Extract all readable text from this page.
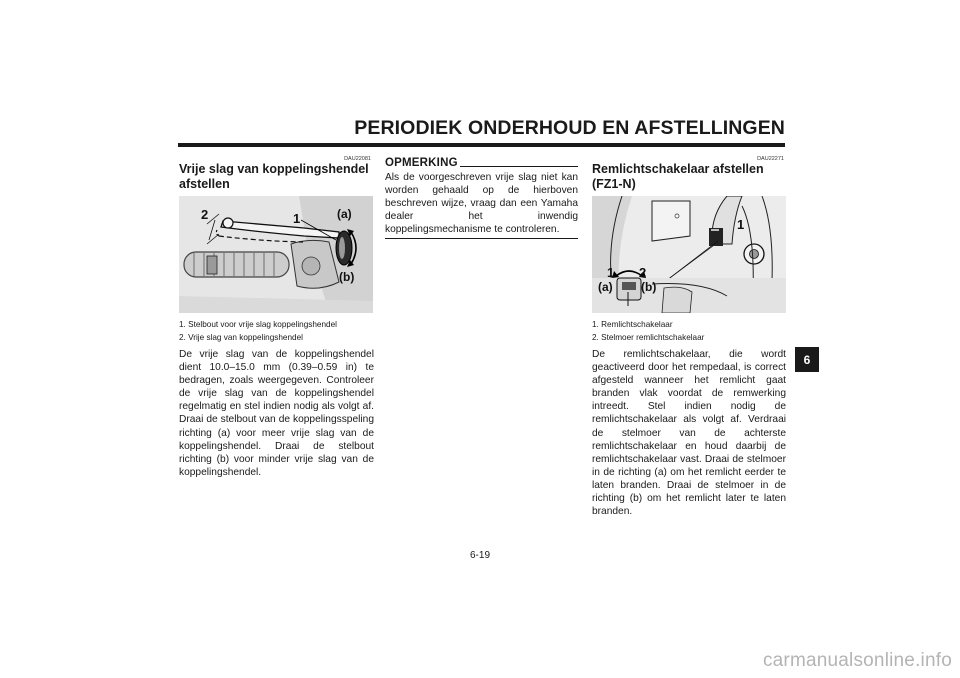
PERIODIEK ONDERHOUD EN AFSTELLINGEN
DAU22081
Vrije slag van koppelingshendel afstellen
2	1	(a)
(b)
1. Stelbout voor vrije slag koppelingshendel
2. Vrije slag van koppelingshendel
De vrije slag van de koppelingshendel dient 10.0–15.0 mm (0.39–0.59 in) te bedragen, zoals weergegeven. Controleer de vrije slag van de koppelingshendel regelmatig en stel indien nodig als volgt af. Draai de stelbout van de koppelingsspeling richting (a) voor meer vrije slag van de koppelingshendel. Draai de stelbout richting (b) voor minder vrije slag van de koppelingshendel.
OPMERKING
Als de voorgeschreven vrije slag niet kan worden gehaald op de hierboven beschreven wijze, vraag dan een Yamaha dealer het inwendig koppelingsmechanisme te controleren.
DAU22271
Remlichtschakelaar afstellen
(FZ1-N)
1
1 2
(a) (b)
1. Remlichtschakelaar
2. Stelmoer remlichtschakelaar
De remlichtschakelaar, die wordt geactiveerd door het rempedaal, is correct afgesteld wanneer het remlicht gaat branden vlak voordat de remwerking intreedt. Stel indien nodig de remlichtschakelaar als volgt af. Verdraai de stelmoer van de achterste remlichtschakelaar en houd daarbij de remlichtschakelaar vast. Draai de stelmoer in de richting (a) om het remlicht eerder te laten branden. Draai de stelmoer in de richting (b) om het remlicht later te laten branden.
6
6-19
carmanualsonline.info
